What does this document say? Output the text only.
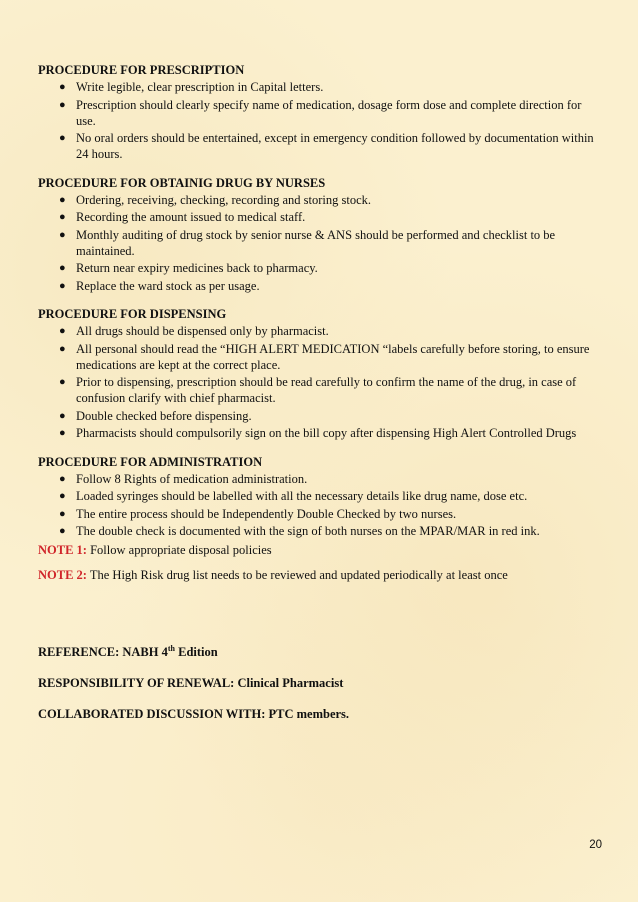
PROCEDURE FOR PRESCRIPTION

● Write legible, clear prescription in Capital letters.
● Prescription should clearly specify name of medication, dosage form dose and complete direction for use.
● No oral orders should be entertained, except in emergency condition followed by documentation within 24 hours.

PROCEDURE FOR OBTAINIG DRUG BY NURSES

● Ordering, receiving, checking, recording and storing stock.
● Recording the amount issued to medical staff.
● Monthly auditing of drug stock by senior nurse & ANS should be performed and checklist to be maintained.
● Return near expiry medicines back to pharmacy.
● Replace the ward stock as per usage.

PROCEDURE FOR DISPENSING

● All drugs should be dispensed only by pharmacist.
● All personal should read the “HIGH ALERT MEDICATION “labels carefully before storing, to ensure medications are kept at the correct place.
● Prior to dispensing, prescription should be read carefully to confirm the name of the drug, in case of confusion clarify with chief pharmacist.
● Double checked before dispensing.
● Pharmacists should compulsorily sign on the bill copy after dispensing High Alert Controlled Drugs

PROCEDURE FOR ADMINISTRATION

● Follow 8 Rights of medication administration.
● Loaded syringes should be labelled with all the necessary details like drug name, dose etc.
● The entire process should be Independently Double Checked by two nurses.
● The double check is documented with the sign of both nurses on the MPAR/MAR in red ink.

NOTE 1: Follow appropriate disposal policies

NOTE 2: The High Risk drug list needs to be reviewed and updated periodically at least once

REFERENCE: NABH 4th Edition

RESPONSIBILITY OF RENEWAL: Clinical Pharmacist

COLLABORATED DISCUSSION WITH: PTC members.

20
